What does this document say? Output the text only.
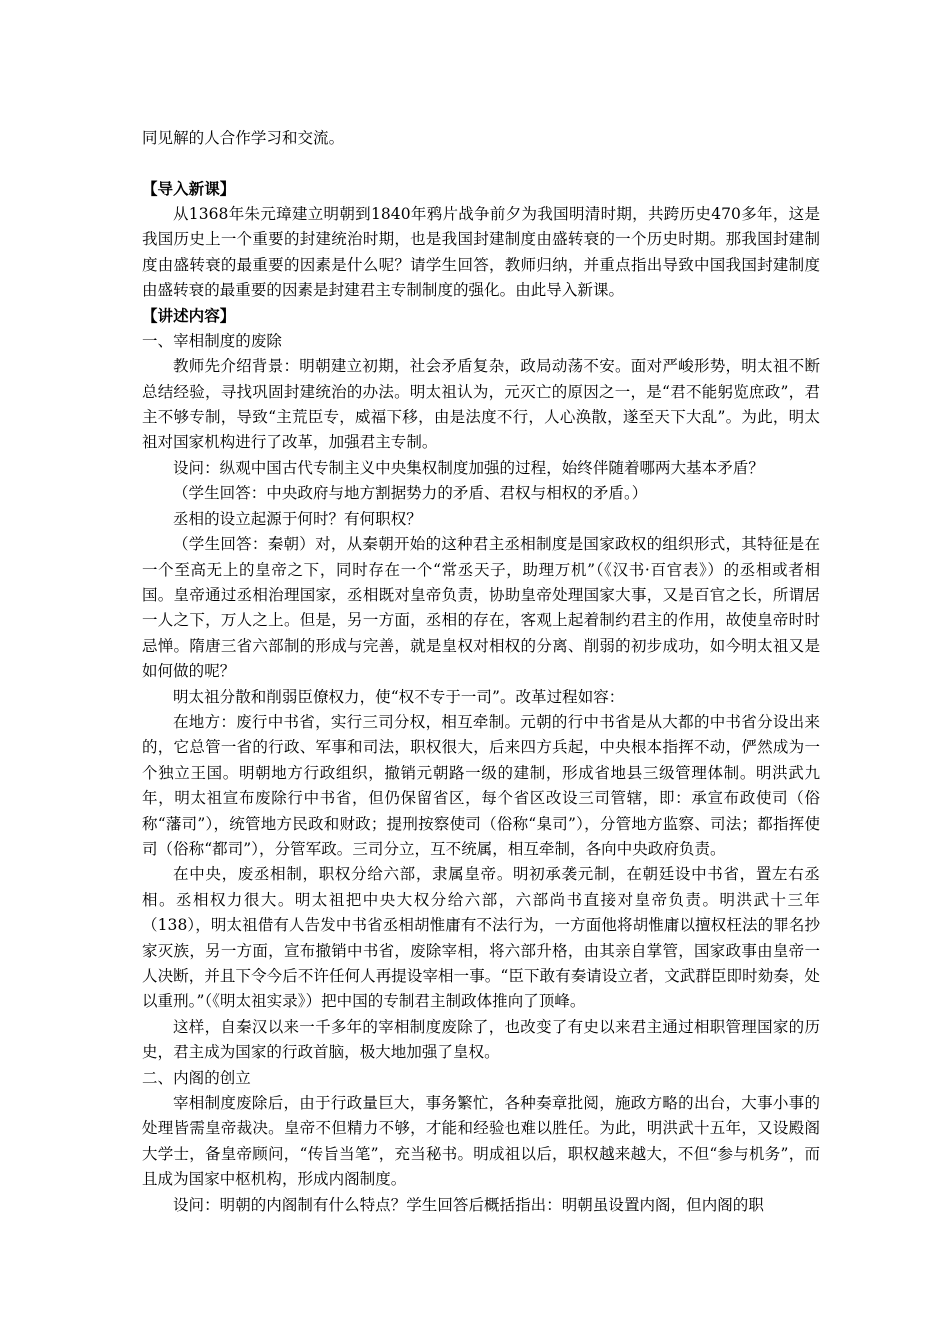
同见解的人合作学习和交流。

【导入新课】

从1368年朱元璋建立明朝到1840年鸦片战争前夕为我国明清时期，共跨历史470多年，这是我国历史上一个重要的封建统治时期，也是我国封建制度由盛转衰的一个历史时期。那我国封建制度由盛转衰的最重要的因素是什么呢？请学生回答，教师归纳，并重点指出导致中国我国封建制度由盛转衰的最重要的因素是封建君主专制制度的强化。由此导入新课。

【讲述内容】

一、宰相制度的废除

教师先介绍背景：明朝建立初期，社会矛盾复杂，政局动荡不安。面对严峻形势，明太祖不断总结经验，寻找巩固封建统治的办法。明太祖认为，元灭亡的原因之一，是“君不能躬览庶政”，君主不够专制，导致“主荒臣专，威福下移，由是法度不行，人心涣散，遂至天下大乱”。为此，明太祖对国家机构进行了改革，加强君主专制。

设问：纵观中国古代专制主义中央集权制度加强的过程，始终伴随着哪两大基本矛盾？

（学生回答：中央政府与地方割据势力的矛盾、君权与相权的矛盾。）

丞相的设立起源于何时？有何职权？

（学生回答：秦朝）对，从秦朝开始的这种君主丞相制度是国家政权的组织形式，其特征是在一个至高无上的皇帝之下，同时存在一个“常丞天子，助理万机”（《汉书·百官表》）的丞相或者相国。皇帝通过丞相治理国家，丞相既对皇帝负责，协助皇帝处理国家大事，又是百官之长，所谓居一人之下，万人之上。但是，另一方面，丞相的存在，客观上起着制约君主的作用，故使皇帝时时忌惮。隋唐三省六部制的形成与完善，就是皇权对相权的分离、削弱的初步成功，如今明太祖又是如何做的呢？

明太祖分散和削弱臣僚权力，使“权不专于一司”。改革过程如容：

在地方：废行中书省，实行三司分权，相互牵制。元朝的行中书省是从大都的中书省分设出来的，它总管一省的行政、军事和司法，职权很大，后来四方兵起，中央根本指挥不动，俨然成为一个独立王国。明朝地方行政组织，撤销元朝路一级的建制，形成省地县三级管理体制。明洪武九年，明太祖宣布废除行中书省，但仍保留省区，每个省区改设三司管辖，即：承宣布政使司（俗称“藩司”），统管地方民政和财政；提刑按察使司（俗称“臬司”），分管地方监察、司法；都指挥使司（俗称“都司”），分管军政。三司分立，互不统属，相互牵制，各向中央政府负责。

在中央，废丞相制，职权分给六部，隶属皇帝。明初承袭元制，在朝廷设中书省，置左右丞相。丞相权力很大。明太祖把中央大权分给六部，六部尚书直接对皇帝负责。明洪武十三年（138），明太祖借有人告发中书省丞相胡惟庸有不法行为，一方面他将胡惟庸以擅权枉法的罪名抄家灭族，另一方面，宣布撤销中书省，废除宰相，将六部升格，由其亲自掌管，国家政事由皇帝一人决断，并且下令今后不许任何人再提设宰相一事。“臣下敢有奏请设立者，文武群臣即时劾奏，处以重刑。”（《明太祖实录》）把中国的专制君主制政体推向了顶峰。

这样，自秦汉以来一千多年的宰相制度废除了，也改变了有史以来君主通过相职管理国家的历史，君主成为国家的行政首脑，极大地加强了皇权。

二、内阁的创立

宰相制度废除后，由于行政量巨大，事务繁忙，各种奏章批阅，施政方略的出台，大事小事的处理皆需皇帝裁决。皇帝不但精力不够，才能和经验也难以胜任。为此，明洪武十五年，又设殿阁大学士，备皇帝顾问，“传旨当笔”，充当秘书。明成祖以后，职权越来越大，不但“参与机务”，而且成为国家中枢机构，形成内阁制度。

设问：明朝的内阁制有什么特点？学生回答后概括指出：明朝虽设置内阁，但内阁的职
